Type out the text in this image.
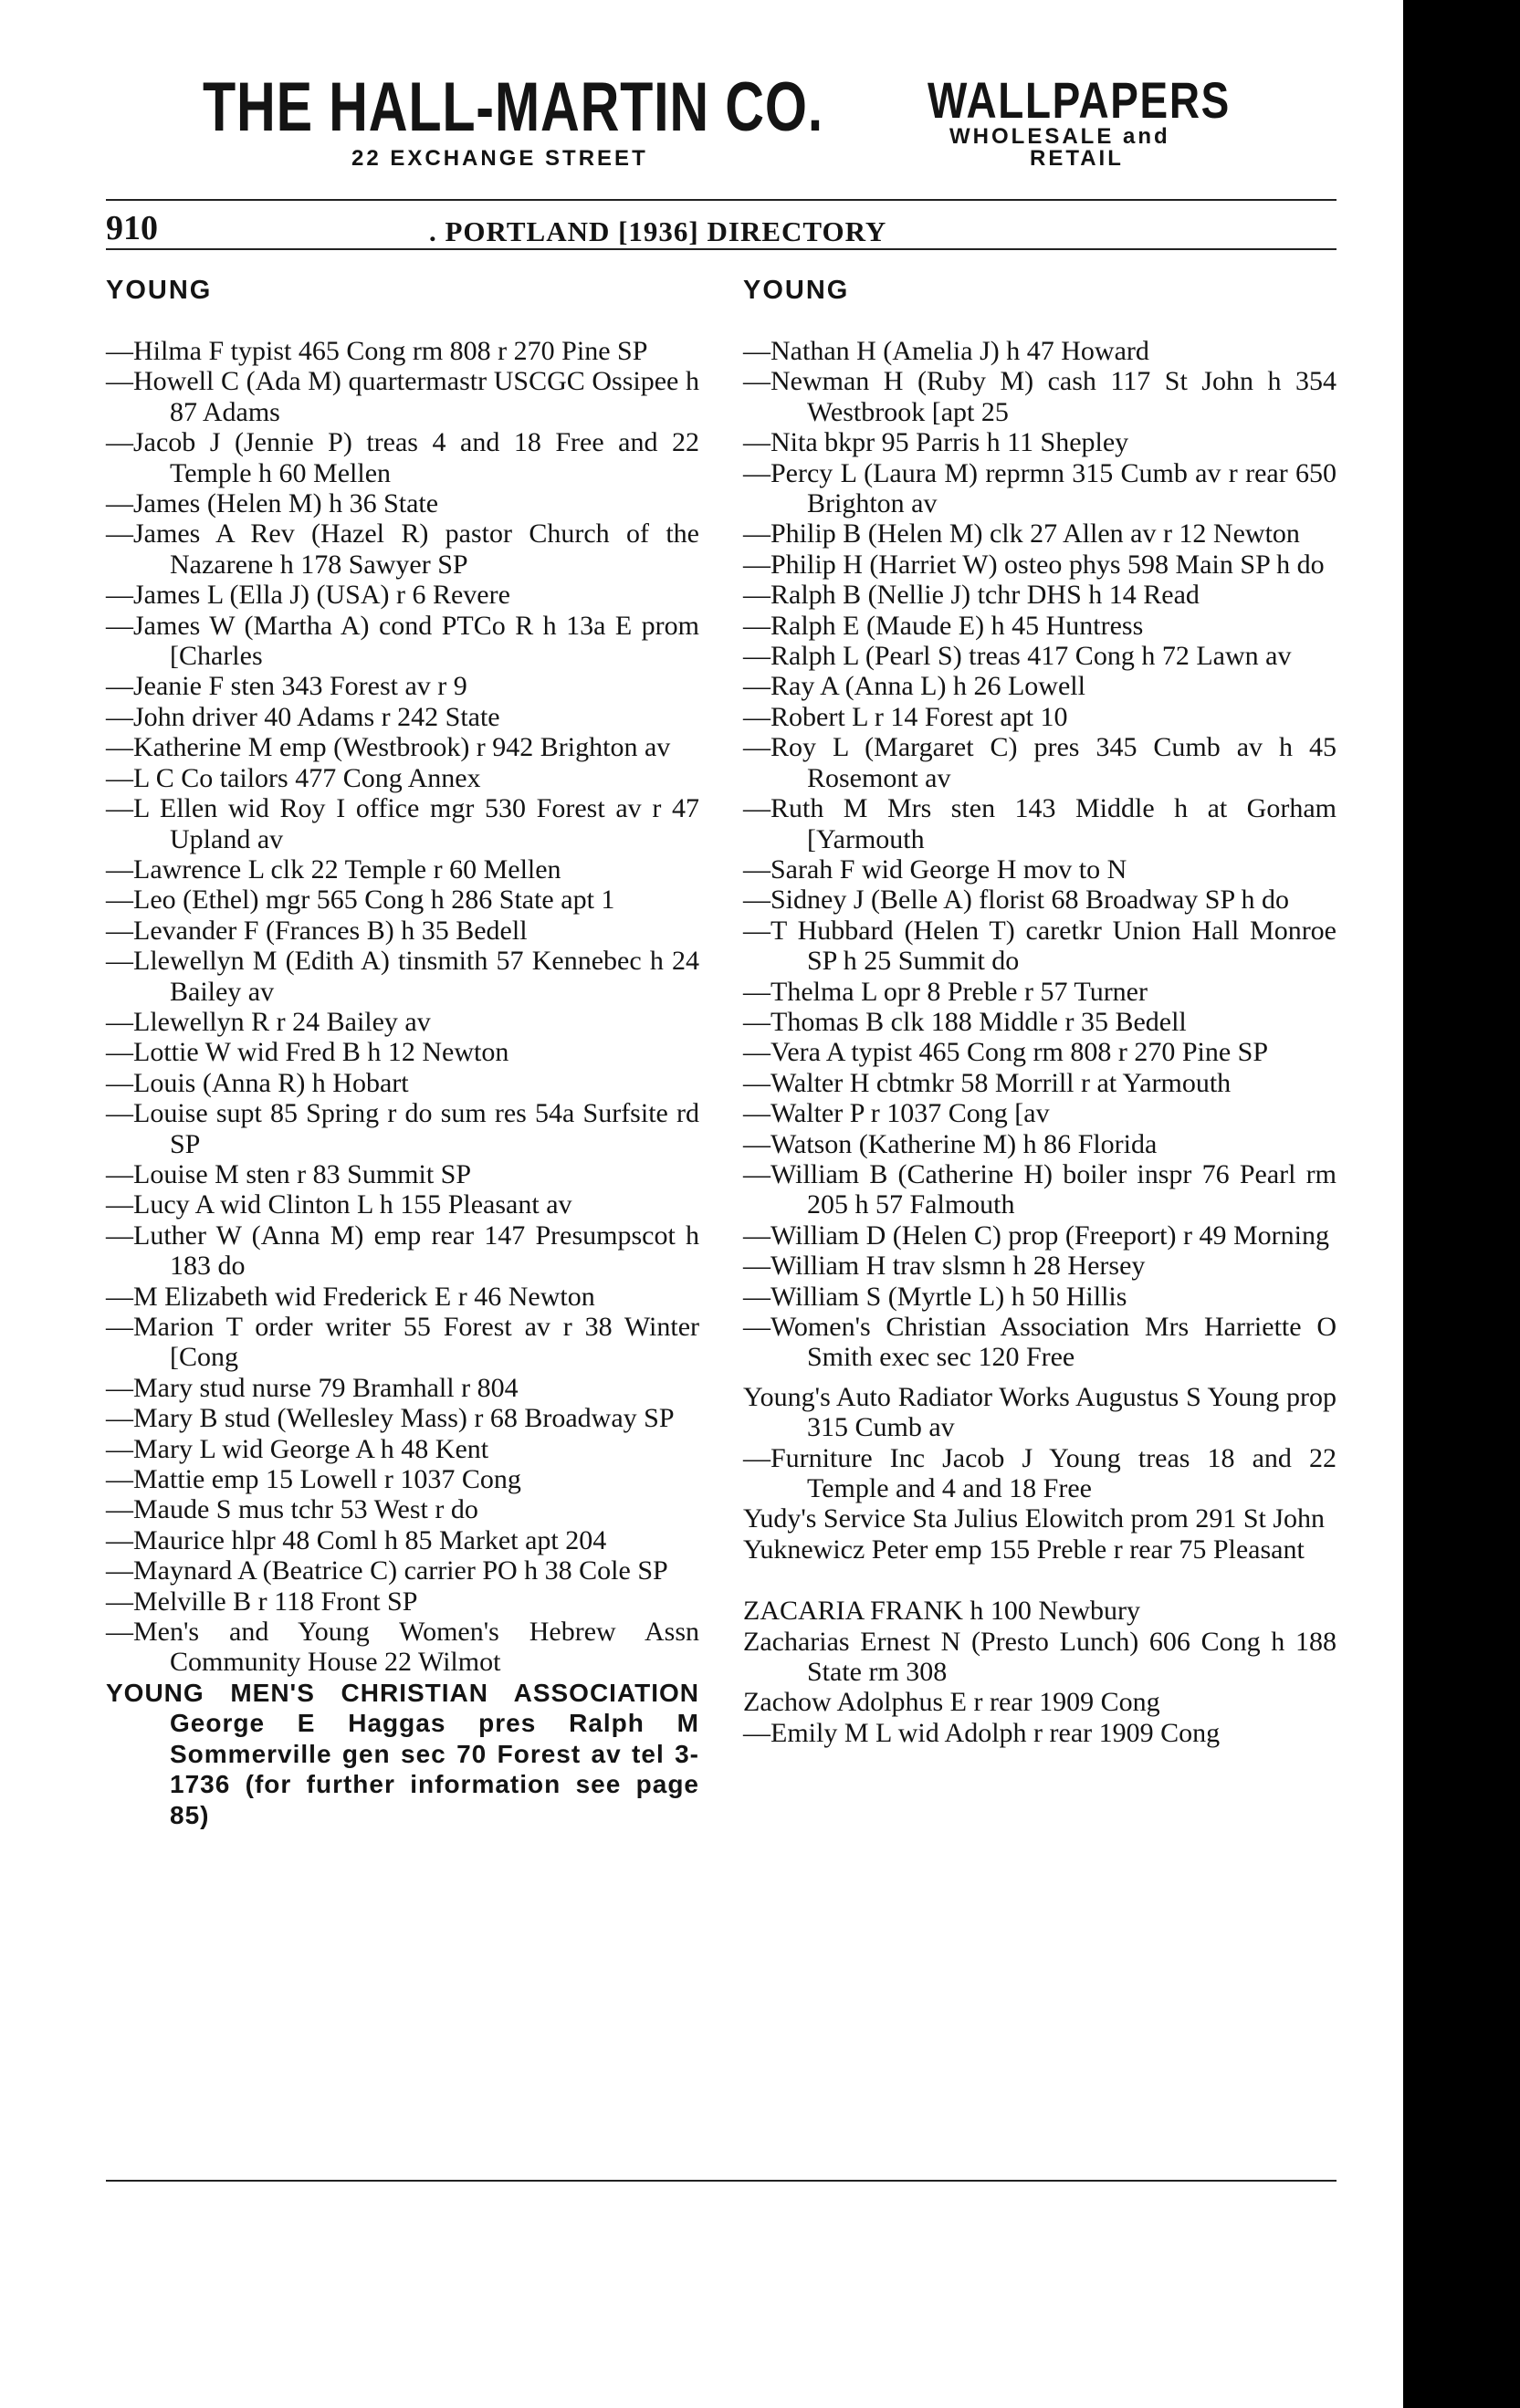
THE HALL-MARTIN CO.
22 EXCHANGE STREET
WALLPAPERS
WHOLESALE and
RETAIL
910	. PORTLAND [1936] DIRECTORY
YOUNG

—Hilma F typist 465 Cong rm 808 r 270 Pine SP

—Howell C (Ada M) quartermastr USCGC Ossipee h 87 Adams

—Jacob J (Jennie P) treas 4 and 18 Free and 22 Temple h 60 Mellen

—James (Helen M) h 36 State

—James A Rev (Hazel R) pastor Church of the Nazarene h 178 Sawyer SP

—James L (Ella J) (USA) r 6 Revere

—James W (Martha A) cond PTCo R h 13a E prom [Charles

—Jeanie F sten 343 Forest av r 9

—John driver 40 Adams r 242 State

—Katherine M emp (Westbrook) r 942 Brighton av

—L C Co tailors 477 Cong Annex

—L Ellen wid Roy I office mgr 530 Forest av r 47 Upland av

—Lawrence L clk 22 Temple r 60 Mellen

—Leo (Ethel) mgr 565 Cong h 286 State apt 1

—Levander F (Frances B) h 35 Bedell

—Llewellyn M (Edith A) tinsmith 57 Kennebec h 24 Bailey av

—Llewellyn R r 24 Bailey av

—Lottie W wid Fred B h 12 Newton

—Louis (Anna R) h Hobart

—Louise supt 85 Spring r do sum res 54a Surfsite rd SP

—Louise M sten r 83 Summit SP

—Lucy A wid Clinton L h 155 Pleasant av

—Luther W (Anna M) emp rear 147 Presumpscot h 183 do

—M Elizabeth wid Frederick E r 46 Newton

—Marion T order writer 55 Forest av r 38 Winter [Cong

—Mary stud nurse 79 Bramhall r 804

—Mary B stud (Wellesley Mass) r 68 Broadway SP

—Mary L wid George A h 48 Kent

—Mattie emp 15 Lowell r 1037 Cong

—Maude S mus tchr 53 West r do

—Maurice hlpr 48 Coml h 85 Market apt 204

—Maynard A (Beatrice C) carrier PO h 38 Cole SP

—Melville B r 118 Front SP

—Men's and Young Women's Hebrew Assn Community House 22 Wilmot

YOUNG MEN'S CHRISTIAN ASSOCIATION George E Haggas pres Ralph M Sommerville gen sec 70 Forest av tel 3-1736 (for further information see page 85)

YOUNG

—Nathan H (Amelia J) h 47 Howard

—Newman H (Ruby M) cash 117 St John h 354 Westbrook [apt 25

—Nita bkpr 95 Parris h 11 Shepley

—Percy L (Laura M) reprmn 315 Cumb av r rear 650 Brighton av

—Philip B (Helen M) clk 27 Allen av r 12 Newton

—Philip H (Harriet W) osteo phys 598 Main SP h do

—Ralph B (Nellie J) tchr DHS h 14 Read

—Ralph E (Maude E) h 45 Huntress

—Ralph L (Pearl S) treas 417 Cong h 72 Lawn av

—Ray A (Anna L) h 26 Lowell

—Robert L r 14 Forest apt 10

—Roy L (Margaret C) pres 345 Cumb av h 45 Rosemont av

—Ruth M Mrs sten 143 Middle h at Gorham [Yarmouth

—Sarah F wid George H mov to N

—Sidney J (Belle A) florist 68 Broadway SP h do

—T Hubbard (Helen T) caretkr Union Hall Monroe SP h 25 Summit do

—Thelma L opr 8 Preble r 57 Turner

—Thomas B clk 188 Middle r 35 Bedell

—Vera A typist 465 Cong rm 808 r 270 Pine SP

—Walter H cbtmkr 58 Morrill r at Yarmouth

—Walter P r 1037 Cong [av

—Watson (Katherine M) h 86 Florida

—William B (Catherine H) boiler inspr 76 Pearl rm 205 h 57 Falmouth

—William D (Helen C) prop (Freeport) r 49 Morning

—William H trav slsmn h 28 Hersey

—William S (Myrtle L) h 50 Hillis

—Women's Christian Association Mrs Harriette O Smith exec sec 120 Free

Young's Auto Radiator Works Augustus S Young prop 315 Cumb av

—Furniture Inc Jacob J Young treas 18 and 22 Temple and 4 and 18 Free

Yudy's Service Sta Julius Elowitch prom 291 St John

Yuknewicz Peter emp 155 Preble r rear 75 Pleasant

ZACARIA FRANK h 100 Newbury

Zacharias Ernest N (Presto Lunch) 606 Cong h 188 State rm 308

Zachow Adolphus E r rear 1909 Cong

—Emily M L wid Adolph r rear 1909 Cong
